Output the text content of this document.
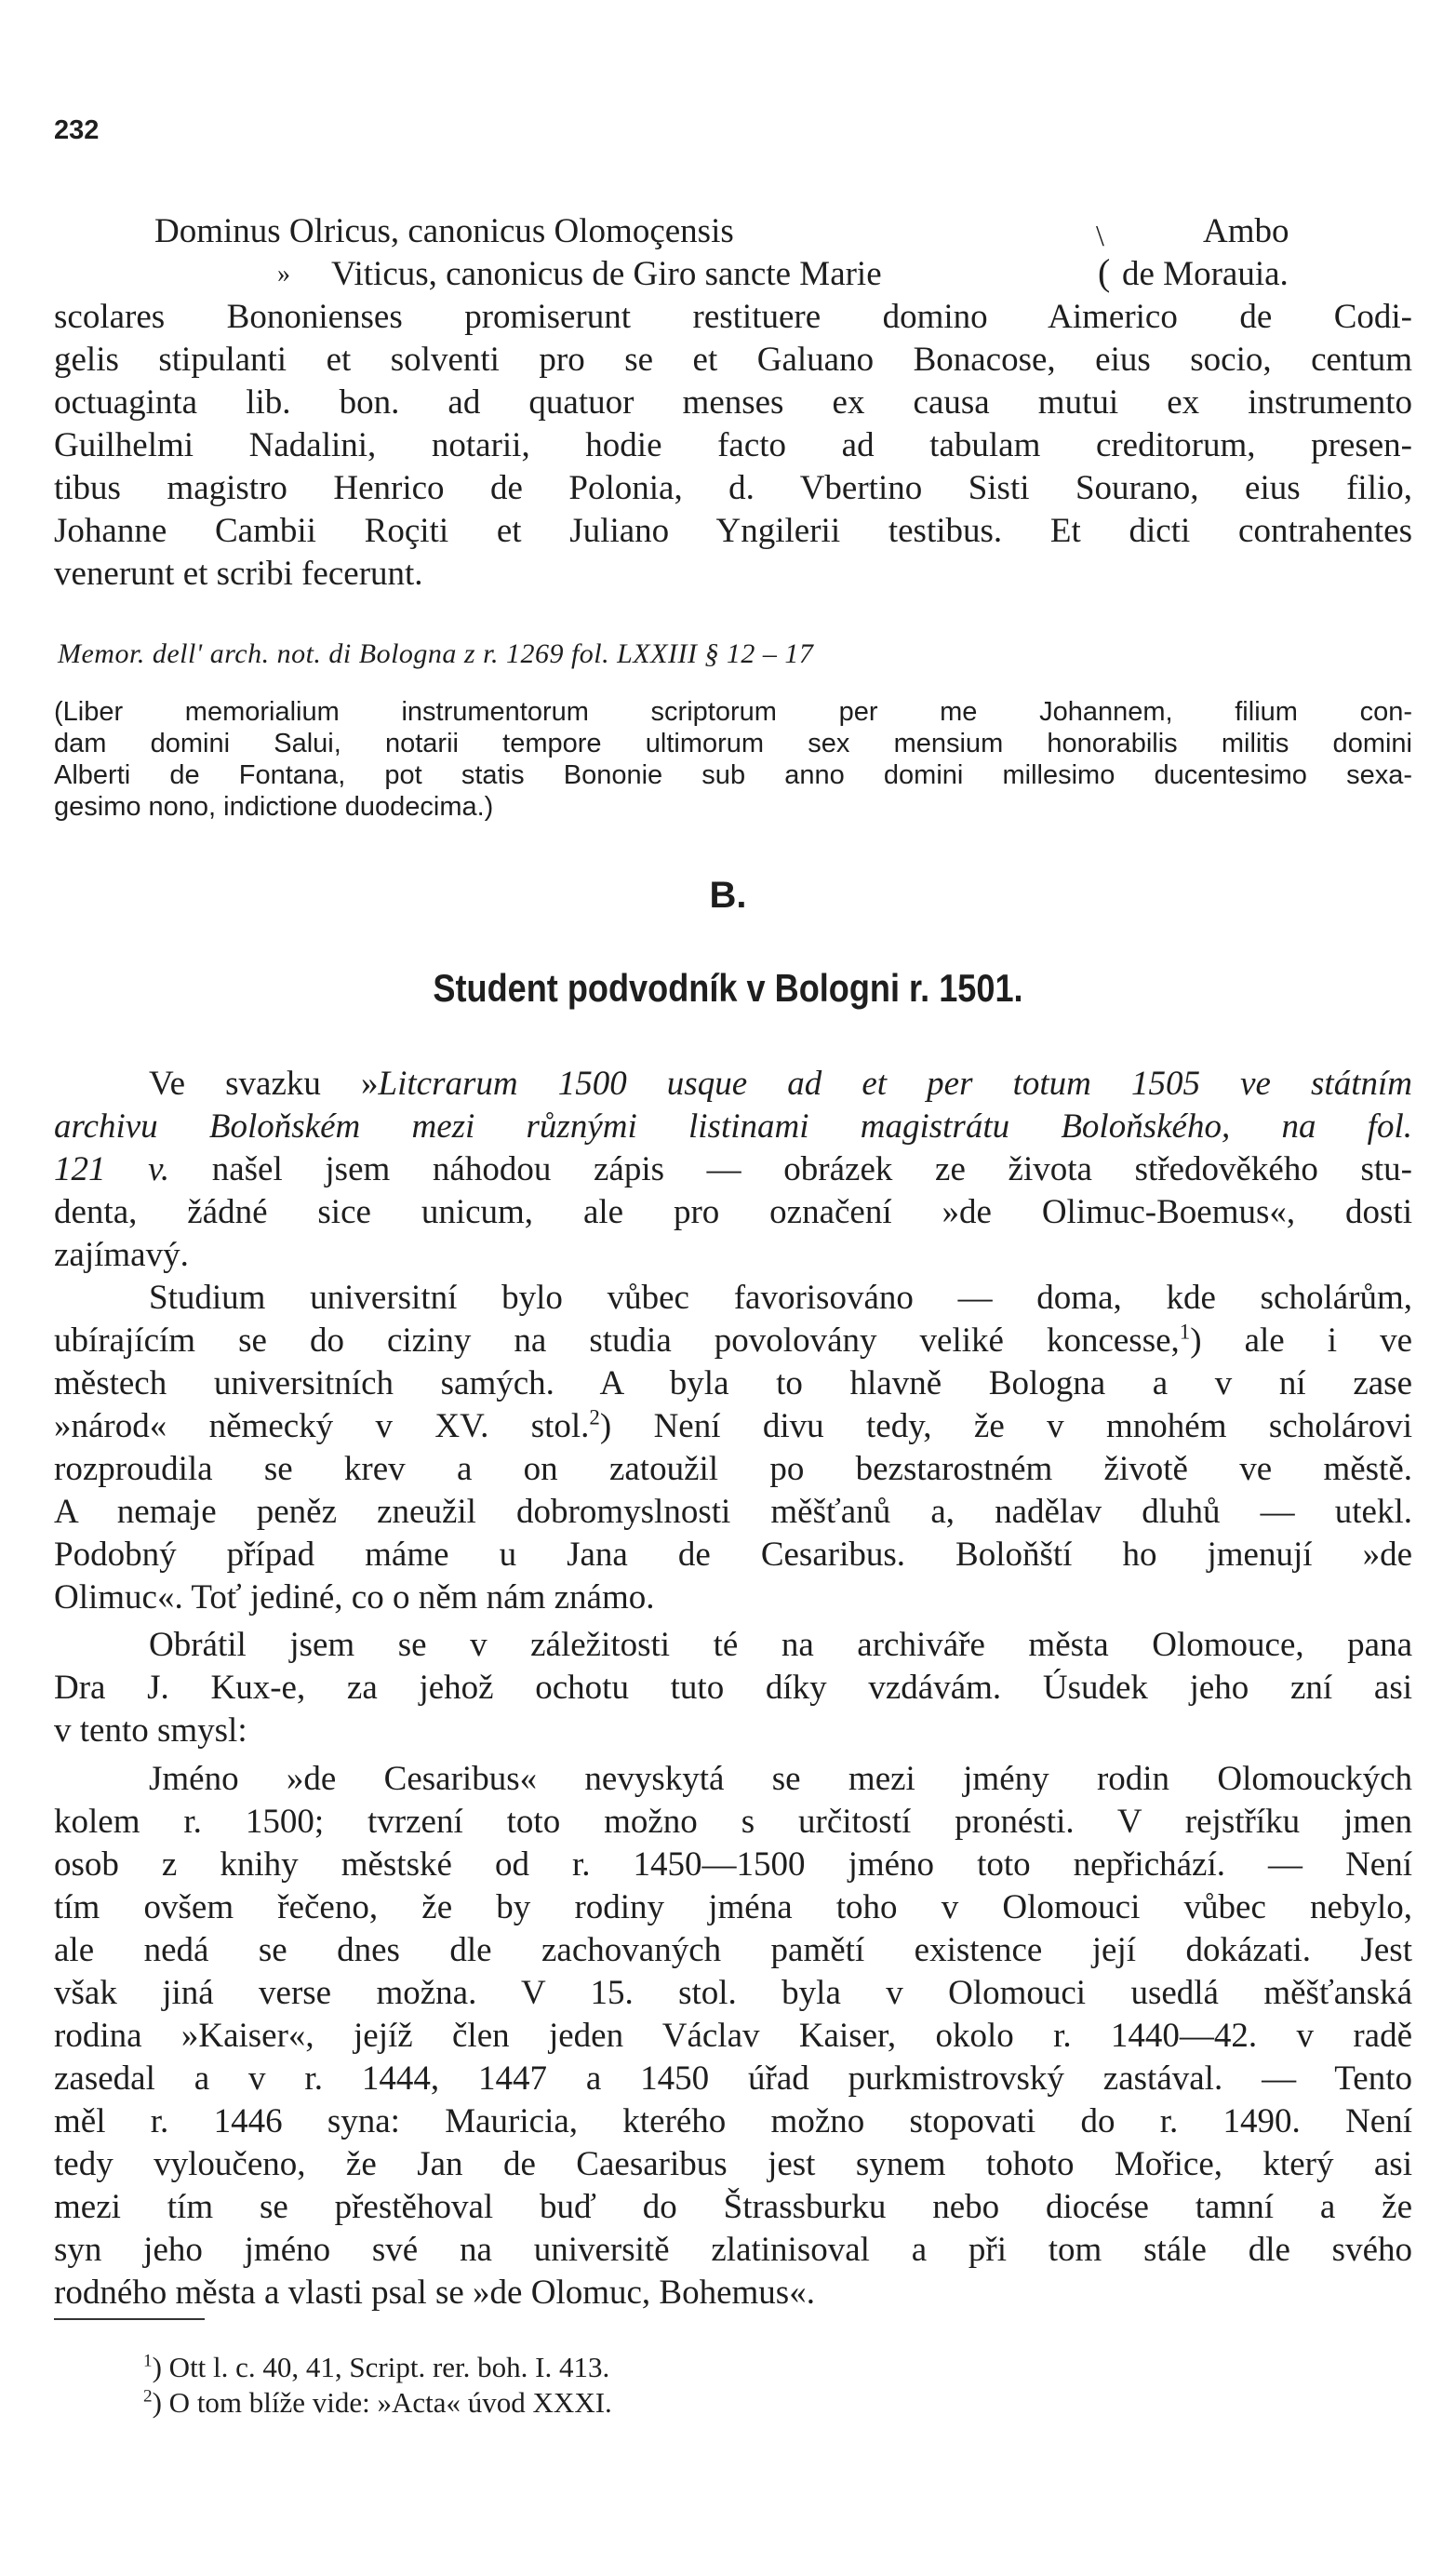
232
Dominus Olricus, canonicus Olomoçensis
» Viticus, canonicus de Giro sancte Marie
\
(
Ambo
de Morauia.
scolares Bononienses promiserunt restituere domino Aimerico de Codi-
gelis stipulanti et solventi pro se et Galuano Bonacose, eius socio, centum
octuaginta lib. bon. ad quatuor menses ex causa mutui ex instrumento
Guilhelmi Nadalini, notarii, hodie facto ad tabulam creditorum, presen-
tibus magistro Henrico de Polonia, d. Vbertino Sisti Sourano, eius filio,
Johanne Cambii Roçiti et Juliano Yngilerii testibus. Et dicti contrahentes
venerunt et scribi fecerunt.
Memor. dell' arch. not. di Bologna z r. 1269 fol. LXXIII § 12 – 17
(Liber memorialium instrumentorum scriptorum per me Johannem, filium con-
dam domini Salui, notarii tempore ultimorum sex mensium honorabilis militis domini
Alberti de Fontana, pot statis Bononie sub anno domini millesimo ducentesimo sexa-
gesimo nono, indictione duodecima.)
B.
Student podvodník v Bologni r. 1501.
Ve svazku »Litcrarum 1500 usque ad et per totum 1505 ve státním
archivu Boloňském mezi různými listinami magistrátu Boloňského, na fol.
121 v. našel jsem náhodou zápis — obrázek ze života středověkého stu-
denta, žádné sice unicum, ale pro označení »de Olimuc-Boemus«, dosti
zajímavý.
Studium universitní bylo vůbec favorisováno — doma, kde scholárům,
ubírajícím se do ciziny na studia povolovány veliké koncesse,$^1$) ale i ve
městech universitních samých. A byla to hlavně Bologna a v ní zase
»národ« německý v XV. stol.$^2$) Není divu tedy, že v mnohém scholárovi
rozproudila se krev a on zatoužil po bezstarostném životě ve městě.
A nemaje peněz zneužil dobromyslnosti měšťanů a, nadělav dluhů — utekl.
Podobný případ máme u Jana de Cesaribus. Boloňští ho jmenují »de
Olimuc«. Toť jediné, co o něm nám známo.
Obrátil jsem se v záležitosti té na archiváře města Olomouce, pana
Dra J. Kux-e, za jehož ochotu tuto díky vzdávám. Úsudek jeho zní asi
v tento smysl:
Jméno »de Cesaribus« nevyskytá se mezi jmény rodin Olomouckých
kolem r. 1500; tvrzení toto možno s určitostí pronésti. V rejstříku jmen
osob z knihy městské od r. 1450—1500 jméno toto nepřichází. — Není
tím ovšem řečeno, že by rodiny jména toho v Olomouci vůbec nebylo,
ale nedá se dnes dle zachovaných pamětí existence její dokázati. Jest
však jiná verse možna. V 15. stol. byla v Olomouci usedlá měšťanská
rodina »Kaiser«, jejíž člen jeden Václav Kaiser, okolo r. 1440—42. v radě
zasedal a v r. 1444, 1447 a 1450 úřad purkmistrovský zastával. — Tento
měl r. 1446 syna: Mauricia, kterého možno stopovati do r. 1490. Není
tedy vyloučeno, že Jan de Caesaribus jest synem tohoto Mořice, který asi
mezi tím se přestěhoval buď do Štrassburku nebo diocése tamní a že
syn jeho jméno své na universitě zlatinisoval a při tom stále dle svého
rodného města a vlasti psal se »de Olomuc, Bohemus«.
$^1$) Ott l. c. 40, 41, Script. rer. boh. I. 413.
$^2$) O tom blíže vide: »Acta« úvod XXXI.
